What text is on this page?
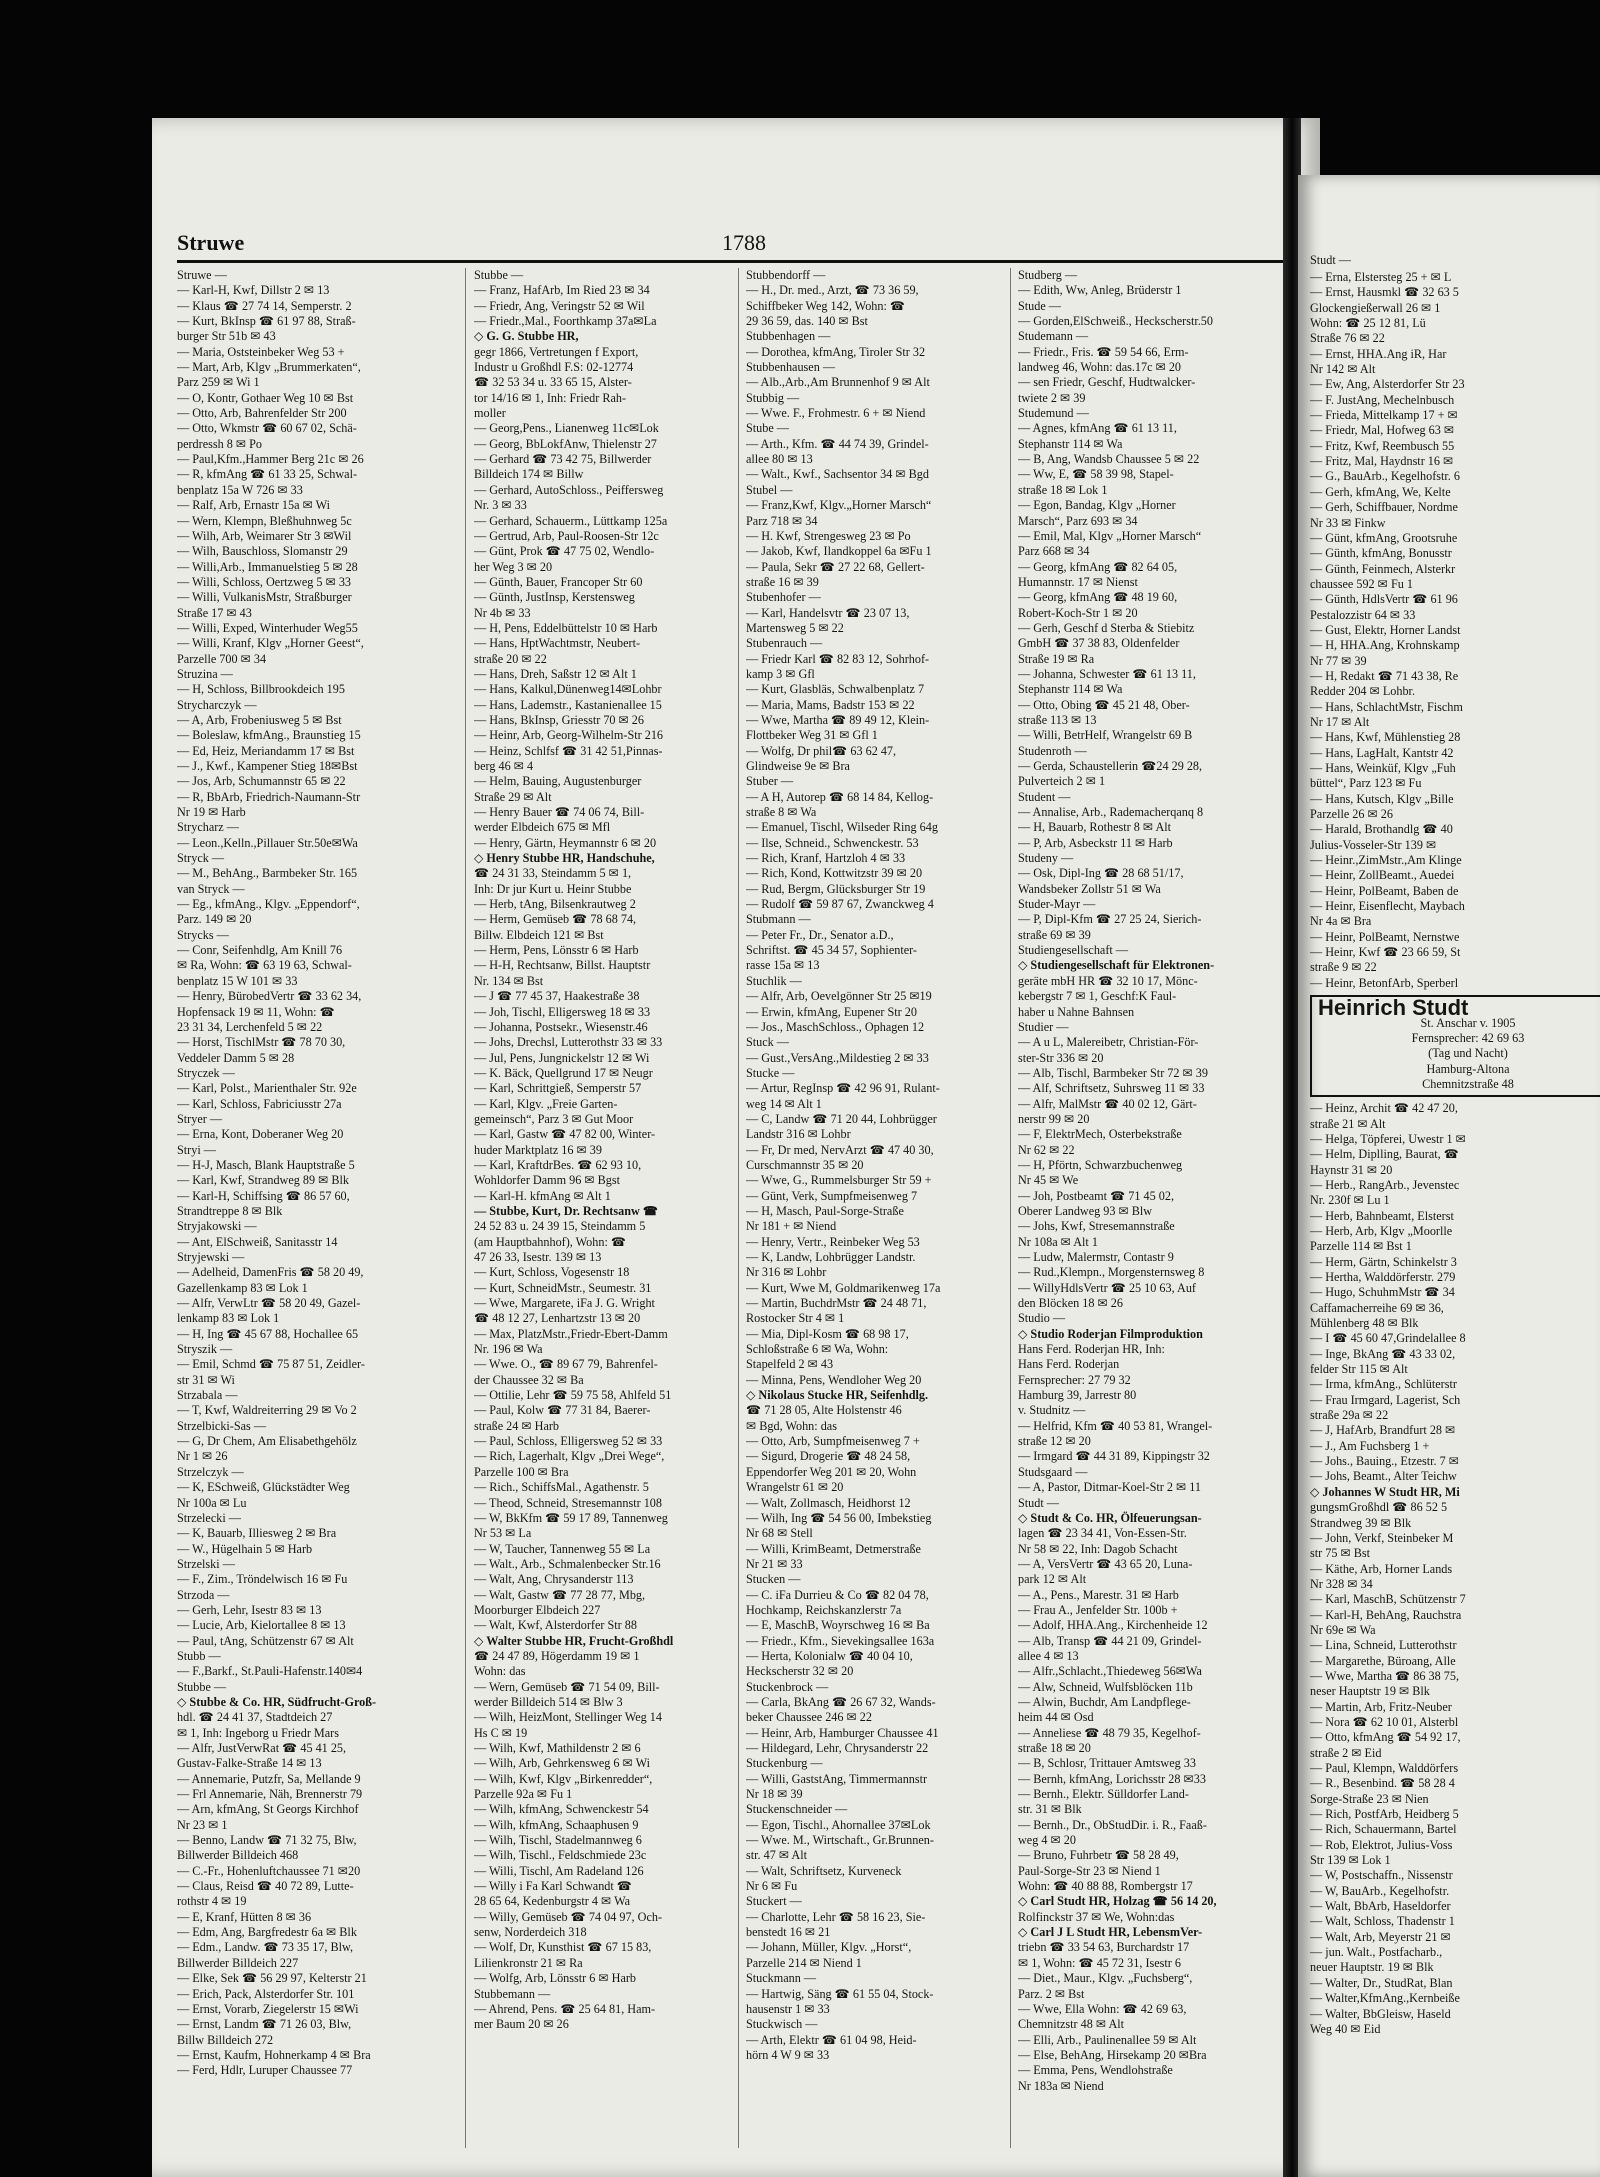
Struwe	1788
Struwe —
— Karl-H, Kwf, Dillstr 2 ✉ 13
— Klaus ☎ 27 74 14, Semperstr. 2
— Kurt, BkInsp ☎ 61 97 88, Straß-
burger Str 51b ✉ 43
— Maria, Oststeinbeker Weg 53 +
— Mart, Arb, Klgv „Brummerkaten“,
Parz 259 ✉ Wi 1
— O, Kontr, Gothaer Weg 10 ✉ Bst
— Otto, Arb, Bahrenfelder Str 200
— Otto, Wkmstr ☎ 60 67 02, Schä-
perdressh 8 ✉ Po
— Paul,Kfm.,Hammer Berg 21c ✉ 26
— R, kfmAng ☎ 61 33 25, Schwal-
benplatz 15a W 726 ✉ 33
— Ralf, Arb, Ernastr 15a ✉ Wi
— Wern, Klempn, Bleßhuhnweg 5c
— Wilh, Arb, Weimarer Str 3 ✉Wil
— Wilh, Bauschloss, Slomanstr 29
— Willi,Arb., Immanuelstieg 5 ✉ 28
— Willi, Schloss, Oertzweg 5 ✉ 33
— Willi, VulkanisMstr, Straßburger
Straße 17 ✉ 43
— Willi, Exped, Winterhuder Weg55
— Willi, Kranf, Klgv „Horner Geest“,
Parzelle 700 ✉ 34
Struzina —
— H, Schloss, Billbrookdeich 195
Strycharczyk —
— A, Arb, Frobeniusweg 5 ✉ Bst
— Boleslaw, kfmAng., Braunstieg 15
— Ed, Heiz, Meriandamm 17 ✉ Bst
— J., Kwf., Kampener Stieg 18✉Bst
— Jos, Arb, Schumannstr 65 ✉ 22
— R, BbArb, Friedrich-Naumann-Str
Nr 19 ✉ Harb
Strycharz —
— Leon.,Kelln.,Pillauer Str.50e✉Wa
Stryck —
— M., BehAng., Barmbeker Str. 165
van Stryck —
— Eg., kfmAng., Klgv. „Eppendorf“,
Parz. 149 ✉ 20
Strycks —
— Conr, Seifenhdlg, Am Knill 76
✉ Ra, Wohn: ☎ 63 19 63, Schwal-
benplatz 15 W 101 ✉ 33
— Henry, BürobedVertr ☎ 33 62 34,
Hopfensack 19 ✉ 11, Wohn: ☎
23 31 34, Lerchenfeld 5 ✉ 22
— Horst, TischlMstr ☎ 78 70 30,
Veddeler Damm 5 ✉ 28
Stryczek —
— Karl, Polst., Marienthaler Str. 92e
— Karl, Schloss, Fabriciusstr 27a
Stryer —
— Erna, Kont, Doberaner Weg 20
Stryi —
— H-J, Masch, Blank Hauptstraße 5
— Karl, Kwf, Strandweg 89 ✉ Blk
— Karl-H, Schiffsing ☎ 86 57 60,
Strandtreppe 8 ✉ Blk
Stryjakowski —
— Ant, ElSchweiß, Sanitasstr 14
Stryjewski —
— Adelheid, DamenFris ☎ 58 20 49,
Gazellenkamp 83 ✉ Lok 1
— Alfr, VerwLtr ☎ 58 20 49, Gazel-
lenkamp 83 ✉ Lok 1
— H, Ing ☎ 45 67 88, Hochallee 65
Stryszik —
— Emil, Schmd ☎ 75 87 51, Zeidler-
str 31 ✉ Wi
Strzabala —
— T, Kwf, Waldreiterring 29 ✉ Vo 2
Strzelbicki-Sas —
— G, Dr Chem, Am Elisabethgehölz
Nr 1 ✉ 26
Strzelczyk —
— K, ESchweiß, Glückstädter Weg
Nr 100a ✉ Lu
Strzelecki —
— K, Bauarb, Illiesweg 2 ✉ Bra
— W., Hügelhain 5 ✉ Harb
Strzelski —
— F., Zim., Tröndelwisch 16 ✉ Fu
Strzoda —
— Gerh, Lehr, Isestr 83 ✉ 13
— Lucie, Arb, Kielortallee 8 ✉ 13
— Paul, tAng, Schützenstr 67 ✉ Alt
Stubb —
— F.,Barkf., St.Pauli-Hafenstr.140✉4
Stubbe —
◇ Stubbe & Co. HR, Südfrucht-Groß-
hdl. ☎ 24 41 37, Stadtdeich 27
✉ 1, Inh: Ingeborg u Friedr Mars
— Alfr, JustVerwRat ☎ 45 41 25,
Gustav-Falke-Straße 14 ✉ 13
— Annemarie, Putzfr, Sa, Mellande 9
— Frl Annemarie, Näh, Brennerstr 79
— Arn, kfmAng, St Georgs Kirchhof
Nr 23 ✉ 1
— Benno, Landw ☎ 71 32 75, Blw,
Billwerder Billdeich 468
— C.-Fr., Hohenluftchaussee 71 ✉20
— Claus, Reisd ☎ 40 72 89, Lutte-
rothstr 4 ✉ 19
— E, Kranf, Hütten 8 ✉ 36
— Edm, Ang, Bargfredestr 6a ✉ Blk
— Edm., Landw. ☎ 73 35 17, Blw,
Billwerder Billdeich 227
— Elke, Sek ☎ 56 29 97, Kelterstr 21
— Erich, Pack, Alsterdorfer Str. 101
— Ernst, Vorarb, Ziegelerstr 15 ✉Wi
— Ernst, Landm ☎ 71 26 03, Blw,
Billw Billdeich 272
— Ernst, Kaufm, Hohnerkamp 4 ✉ Bra
— Ferd, Hdlr, Luruper Chaussee 77
Stubbe —
— Franz, HafArb, Im Ried 23 ✉ 34
— Friedr, Ang, Veringstr 52 ✉ Wil
— Friedr.,Mal., Foorthkamp 37a✉La
◇ G. G. Stubbe HR,
gegr 1866, Vertretungen f Export,
Industr u Großhdl F.S: 02-12774
☎ 32 53 34 u. 33 65 15, Alster-
tor 14/16 ✉ 1, Inh: Friedr Rah-
moller
— Georg,Pens., Lianenweg 11c✉Lok
— Georg, BbLokfAnw, Thielenstr 27
— Gerhard ☎ 73 42 75, Billwerder
Billdeich 174 ✉ Billw
— Gerhard, AutoSchloss., Peiffersweg
Nr. 3 ✉ 33
— Gerhard, Schauerm., Lüttkamp 125a
— Gertrud, Arb, Paul-Roosen-Str 12c
— Günt, Prok ☎ 47 75 02, Wendlo-
her Weg 3 ✉ 20
— Günth, Bauer, Francoper Str 60
— Günth, JustInsp, Kerstensweg
Nr 4b ✉ 33
— H, Pens, Eddelbüttelstr 10 ✉ Harb
— Hans, HptWachtmstr, Neubert-
straße 20 ✉ 22
— Hans, Dreh, Saßstr 12 ✉ Alt 1
— Hans, Kalkul,Dünenweg14✉Lohbr
— Hans, Lademstr., Kastanienallee 15
— Hans, BkInsp, Griesstr 70 ✉ 26
— Heinr, Arb, Georg-Wilhelm-Str 216
— Heinz, Schlfsf ☎ 31 42 51,Pinnas-
berg 46 ✉ 4
— Helm, Bauing, Augustenburger
Straße 29 ✉ Alt
— Henry Bauer ☎ 74 06 74, Bill-
werder Elbdeich 675 ✉ Mfl
— Henry, Gärtn, Heymannstr 6 ✉ 20
◇ Henry Stubbe HR, Handschuhe,
☎ 24 31 33, Steindamm 5 ✉ 1,
Inh: Dr jur Kurt u. Heinr Stubbe
— Herb, tAng, Bilsenkrautweg 2
— Herm, Gemüseb ☎ 78 68 74,
Billw. Elbdeich 121 ✉ Bst
— Herm, Pens, Lönsstr 6 ✉ Harb
— H-H, Rechtsanw, Billst. Hauptstr
Nr. 134 ✉ Bst
— J ☎ 77 45 37, Haakestraße 38
— Joh, Tischl, Elligersweg 18 ✉ 33
— Johanna, Postsekr., Wiesenstr.46
— Johs, Drechsl, Lutterothstr 33 ✉ 33
— Jul, Pens, Jungnickelstr 12 ✉ Wi
— K. Bäck, Quellgrund 17 ✉ Neugr
— Karl, Schrittgieß, Semperstr 57
— Karl, Klgv. „Freie Garten-
gemeinsch“, Parz 3 ✉ Gut Moor
— Karl, Gastw ☎ 47 82 00, Winter-
huder Marktplatz 16 ✉ 39
— Karl, KraftdrBes. ☎ 62 93 10,
Wohldorfer Damm 96 ✉ Bgst
— Karl-H. kfmAng ✉ Alt 1
— Stubbe, Kurt, Dr. Rechtsanw ☎
24 52 83 u. 24 39 15, Steindamm 5
(am Hauptbahnhof), Wohn: ☎
47 26 33, Isestr. 139 ✉ 13
— Kurt, Schloss, Vogesenstr 18
— Kurt, SchneidMstr., Seumestr. 31
— Wwe, Margarete, iFa J. G. Wright
☎ 48 12 27, Lenhartzstr 13 ✉ 20
— Max, PlatzMstr.,Friedr-Ebert-Damm
Nr. 196 ✉ Wa
— Wwe. O., ☎ 89 67 79, Bahrenfel-
der Chaussee 32 ✉ Ba
— Ottilie, Lehr ☎ 59 75 58, Ahlfeld 51
— Paul, Kolw ☎ 77 31 84, Baerer-
straße 24 ✉ Harb
— Paul, Schloss, Elligersweg 52 ✉ 33
— Rich, Lagerhalt, Klgv „Drei Wege“,
Parzelle 100 ✉ Bra
— Rich., SchiffsMal., Agathenstr. 5
— Theod, Schneid, Stresemannstr 108
— W, BkKfm ☎ 59 17 89, Tannenweg
Nr 53 ✉ La
— W, Taucher, Tannenweg 55 ✉ La
— Walt., Arb., Schmalenbecker Str.16
— Walt, Ang, Chrysanderstr 113
— Walt, Gastw ☎ 77 28 77, Mbg,
Moorburger Elbdeich 227
— Walt, Kwf, Alsterdorfer Str 88
◇ Walter Stubbe HR, Frucht-Großhdl
☎ 24 47 89, Högerdamm 19 ✉ 1
Wohn: das
— Wern, Gemüseb ☎ 71 54 09, Bill-
werder Billdeich 514 ✉ Blw 3
— Wilh, HeizMont, Stellinger Weg 14
Hs C ✉ 19
— Wilh, Kwf, Mathildenstr 2 ✉ 6
— Wilh, Arb, Gehrkensweg 6 ✉ Wi
— Wilh, Kwf, Klgv „Birkenredder“,
Parzelle 92a ✉ Fu 1
— Wilh, kfmAng, Schwenckestr 54
— Wilh, kfmAng, Schaaphusen 9
— Wilh, Tischl, Stadelmannweg 6
— Wilh, Tischl., Feldschmiede 23c
— Willi, Tischl, Am Radeland 126
— Willy i Fa Karl Schwandt ☎
28 65 64, Kedenburgstr 4 ✉ Wa
— Willy, Gemüseb ☎ 74 04 97, Och-
senw, Norderdeich 318
— Wolf, Dr, Kunsthist ☎ 67 15 83,
Lilienkronstr 21 ✉ Ra
— Wolfg, Arb, Lönsstr 6 ✉ Harb
Stubbemann —
— Ahrend, Pens. ☎ 25 64 81, Ham-
mer Baum 20 ✉ 26
Stubbendorff —
— H., Dr. med., Arzt, ☎ 73 36 59,
Schiffbeker Weg 142, Wohn: ☎
29 36 59, das. 140 ✉ Bst
Stubbenhagen —
— Dorothea, kfmAng, Tiroler Str 32
Stubbenhausen —
— Alb.,Arb.,Am Brunnenhof 9 ✉ Alt
Stubbig —
— Wwe. F., Frohmestr. 6 + ✉ Niend
Stube —
— Arth., Kfm. ☎ 44 74 39, Grindel-
allee 80 ✉ 13
— Walt., Kwf., Sachsentor 34 ✉ Bgd
Stubel —
— Franz,Kwf, Klgv.„Horner Marsch“
Parz 718 ✉ 34
— H. Kwf, Strengesweg 23 ✉ Po
— Jakob, Kwf, Ilandkoppel 6a ✉Fu 1
— Paula, Sekr ☎ 27 22 68, Gellert-
straße 16 ✉ 39
Stubenhofer —
— Karl, Handelsvtr ☎ 23 07 13,
Martensweg 5 ✉ 22
Stubenrauch —
— Friedr Karl ☎ 82 83 12, Sohrhof-
kamp 3 ✉ Gfl
— Kurt, Glasbläs, Schwalbenplatz 7
— Maria, Mams, Badstr 153 ✉ 22
— Wwe, Martha ☎ 89 49 12, Klein-
Flottbeker Weg 31 ✉ Gfl 1
— Wolfg, Dr phil☎ 63 62 47,
Glindweise 9e ✉ Bra
Stuber —
— A H, Autorep ☎ 68 14 84, Kellog-
straße 8 ✉ Wa
— Emanuel, Tischl, Wilseder Ring 64g
— Ilse, Schneid., Schwenckestr. 53
— Rich, Kranf, Hartzloh 4 ✉ 33
— Rich, Kond, Kottwitzstr 39 ✉ 20
— Rud, Bergm, Glücksburger Str 19
— Rudolf ☎ 59 87 67, Zwanckweg 4
Stubmann —
— Peter Fr., Dr., Senator a.D.,
Schriftst. ☎ 45 34 57, Sophienter-
rasse 15a ✉ 13
Stuchlik —
— Alfr, Arb, Oevelgönner Str 25 ✉19
— Erwin, kfmAng, Eupener Str 20
— Jos., MaschSchloss., Ophagen 12
Stuck —
— Gust.,VersAng.,Mildestieg 2 ✉ 33
Stucke —
— Artur, RegInsp ☎ 42 96 91, Rulant-
weg 14 ✉ Alt 1
— C, Landw ☎ 71 20 44, Lohbrügger
Landstr 316 ✉ Lohbr
— Fr, Dr med, NervArzt ☎ 47 40 30,
Curschmannstr 35 ✉ 20
— Wwe, G., Rummelsburger Str 59 +
— Günt, Verk, Sumpfmeisenweg 7
— H, Masch, Paul-Sorge-Straße
Nr 181 + ✉ Niend
— Henry, Vertr., Reinbeker Weg 53
— K, Landw, Lohbrügger Landstr.
Nr 316 ✉ Lohbr
— Kurt, Wwe M, Goldmarikenweg 17a
— Martin, BuchdrMstr ☎ 24 48 71,
Rostocker Str 4 ✉ 1
— Mia, Dipl-Kosm ☎ 68 98 17,
Schloßstraße 6 ✉ Wa, Wohn:
Stapelfeld 2 ✉ 43
— Minna, Pens, Wendloher Weg 20
◇ Nikolaus Stucke HR, Seifenhdlg.
☎ 71 28 05, Alte Holstenstr 46
✉ Bgd, Wohn: das
— Otto, Arb, Sumpfmeisenweg 7 +
— Sigurd, Drogerie ☎ 48 24 58,
Eppendorfer Weg 201 ✉ 20, Wohn
Wrangelstr 61 ✉ 20
— Walt, Zollmasch, Heidhorst 12
— Wilh, Ing ☎ 54 56 00, Imbekstieg
Nr 68 ✉ Stell
— Willi, KrimBeamt, Detmerstraße
Nr 21 ✉ 33
Stucken —
— C. iFa Durrieu & Co ☎ 82 04 78,
Hochkamp, Reichskanzlerstr 7a
— E, MaschB, Woyrschweg 16 ✉ Ba
— Friedr., Kfm., Sievekingsallee 163a
— Herta, Kolonialw ☎ 40 04 10,
Heckscherstr 32 ✉ 20
Stuckenbrock —
— Carla, BkAng ☎ 26 67 32, Wands-
beker Chaussee 246 ✉ 22
— Heinr, Arb, Hamburger Chaussee 41
— Hildegard, Lehr, Chrysanderstr 22
Stuckenburg —
— Willi, GaststAng, Timmermannstr
Nr 18 ✉ 39
Stuckenschneider —
— Egon, Tischl., Ahornallee 37✉Lok
— Wwe. M., Wirtschaft., Gr.Brunnen-
str. 47 ✉ Alt
— Walt, Schriftsetz, Kurveneck
Nr 6 ✉ Fu
Stuckert —
— Charlotte, Lehr ☎ 58 16 23, Sie-
benstedt 16 ✉ 21
— Johann, Müller, Klgv. „Horst“,
Parzelle 214 ✉ Niend 1
Stuckmann —
— Hartwig, Säng ☎ 61 55 04, Stock-
hausenstr 1 ✉ 33
Stuckwisch —
— Arth, Elektr ☎ 61 04 98, Heid-
hörn 4 W 9 ✉ 33
Studberg —
— Edith, Ww, Anleg, Brüderstr 1
Stude —
— Gorden,ElSchweiß., Heckscherstr.50
Studemann —
— Friedr., Fris. ☎ 59 54 66, Erm-
landweg 46, Wohn: das.17c ✉ 20
— sen Friedr, Geschf, Hudtwalcker-
twiete 2 ✉ 39
Studemund —
— Agnes, kfmAng ☎ 61 13 11,
Stephanstr 114 ✉ Wa
— B, Ang, Wandsb Chaussee 5 ✉ 22
— Ww, E, ☎ 58 39 98, Stapel-
straße 18 ✉ Lok 1
— Egon, Bandag, Klgv „Horner
Marsch“, Parz 693 ✉ 34
— Emil, Mal, Klgv „Horner Marsch“
Parz 668 ✉ 34
— Georg, kfmAng ☎ 82 64 05,
Humannstr. 17 ✉ Nienst
— Georg, kfmAng ☎ 48 19 60,
Robert-Koch-Str 1 ✉ 20
— Gerh, Geschf d Sterba & Stiebitz
GmbH ☎ 37 38 83, Oldenfelder
Straße 19 ✉ Ra
— Johanna, Schwester ☎ 61 13 11,
Stephanstr 114 ✉ Wa
— Otto, Obing ☎ 45 21 48, Ober-
straße 113 ✉ 13
— Willi, BetrHelf, Wrangelstr 69 B
Studenroth —
— Gerda, Schaustellerin ☎24 29 28,
Pulverteich 2 ✉ 1
Student —
— Annalise, Arb., Rademacherqanq 8
— H, Bauarb, Rothestr 8 ✉ Alt
— P, Arb, Asbeckstr 11 ✉ Harb
Studeny —
— Osk, Dipl-Ing ☎ 28 68 51/17,
Wandsbeker Zollstr 51 ✉ Wa
Studer-Mayr —
— P, Dipl-Kfm ☎ 27 25 24, Sierich-
straße 69 ✉ 39
Studiengesellschaft —
◇ Studiengesellschaft für Elektronen-
geräte mbH HR ☎ 32 10 17, Mönc-
kebergstr 7 ✉ 1, Geschf:K Faul-
haber u Nahne Bahnsen
Studier —
— A u L, Malereibetr, Christian-För-
ster-Str 336 ✉ 20
— Alb, Tischl, Barmbeker Str 72 ✉ 39
— Alf, Schriftsetz, Suhrsweg 11 ✉ 33
— Alfr, MalMstr ☎ 40 02 12, Gärt-
nerstr 99 ✉ 20
— F, ElektrMech, Osterbekstraße
Nr 62 ✉ 22
— H, Pförtn, Schwarzbuchenweg
Nr 45 ✉ We
— Joh, Postbeamt ☎ 71 45 02,
Oberer Landweg 93 ✉ Blw
— Johs, Kwf, Stresemannstraße
Nr 108a ✉ Alt 1
— Ludw, Malermstr, Contastr 9
— Rud.,Klempn., Morgensternsweg 8
— WillyHdlsVertr ☎ 25 10 63, Auf
den Blöcken 18 ✉ 26
Studio —
◇ Studio Roderjan Filmproduktion
Hans Ferd. Roderjan HR, Inh:
Hans Ferd. Roderjan
Fernsprecher: 27 79 32
Hamburg 39, Jarrestr 80
v. Studnitz —
— Helfrid, Kfm ☎ 40 53 81, Wrangel-
straße 12 ✉ 20
— Irmgard ☎ 44 31 89, Kippingstr 32
Studsgaard —
— A, Pastor, Ditmar-Koel-Str 2 ✉ 11
Studt —
◇ Studt & Co. HR, Ölfeuerungsan-
lagen ☎ 23 34 41, Von-Essen-Str.
Nr 58 ✉ 22, Inh: Dagob Schacht
— A, VersVertr ☎ 43 65 20, Luna-
park 12 ✉ Alt
— A., Pens., Marestr. 31 ✉ Harb
— Frau A., Jenfelder Str. 100b +
— Adolf, HHA.Ang., Kirchenheide 12
— Alb, Transp ☎ 44 21 09, Grindel-
allee 4 ✉ 13
— Alfr.,Schlacht.,Thiedeweg 56✉Wa
— Alw, Schneid, Wulfsblöcken 11b
— Alwin, Buchdr, Am Landpflege-
heim 44 ✉ Osd
— Anneliese ☎ 48 79 35, Kegelhof-
straße 18 ✉ 20
— B, Schlosr, Trittauer Amtsweg 33
— Bernh, kfmAng, Lorichsstr 28 ✉33
— Bernh., Elektr. Sülldorfer Land-
str. 31 ✉ Blk
— Bernh., Dr., ObStudDir. i. R., Faaß-
weg 4 ✉ 20
— Bruno, Fuhrbetr ☎ 58 28 49,
Paul-Sorge-Str 23 ✉ Niend 1
Wohn: ☎ 40 88 88, Rombergstr 17
◇ Carl Studt HR, Holzag ☎ 56 14 20,
Rolfinckstr 37 ✉ We, Wohn:das
◇ Carl J L Studt HR, LebensmVer-
triebn ☎ 33 54 63, Burchardstr 17
✉ 1, Wohn: ☎ 45 72 31, Isestr 6
— Diet., Maur., Klgv. „Fuchsberg“,
Parz. 2 ✉ Bst
— Wwe, Ella Wohn: ☎ 42 69 63,
Chemnitzstr 48 ✉ Alt
— Elli, Arb., Paulinenallee 59 ✉ Alt
— Else, BehAng, Hirsekamp 20 ✉Bra
— Emma, Pens, Wendlohstraße
Nr 183a ✉ Niend
Studt —
— Erna, Elstersteg 25 + ✉ L
— Ernst, Hausmkl ☎ 32 63 5
Glockengießerwall 26 ✉ 1
Wohn: ☎ 25 12 81, Lü
Straße 76 ✉ 22
— Ernst, HHA.Ang iR, Har
Nr 142 ✉ Alt
— Ew, Ang, Alsterdorfer Str 23
— F. JustAng, Mechelnbusch
— Frieda, Mittelkamp 17 + ✉
— Friedr, Mal, Hofweg 63 ✉
— Fritz, Kwf, Reembusch 55
— Fritz, Mal, Haydnstr 16 ✉
— G., BauArb., Kegelhofstr. 6
— Gerh, kfmAng, We, Kelte
— Gerh, Schiffbauer, Nordme
Nr 33 ✉ Finkw
— Günt, kfmAng, Grootsruhe
— Günth, kfmAng, Bonusstr
— Günth, Feinmech, Alsterkr
chaussee 592 ✉ Fu 1
— Günth, HdlsVertr ☎ 61 96
Pestalozzistr 64 ✉ 33
— Gust, Elektr, Horner Landst
— H, HHA.Ang, Krohnskamp
Nr 77 ✉ 39
— H, Redakt ☎ 71 43 38, Re
Redder 204 ✉ Lohbr.
— Hans, SchlachtMstr, Fischm
Nr 17 ✉ Alt
— Hans, Kwf, Mühlenstieg 28
— Hans, LagHalt, Kantstr 42
— Hans, Weinküf, Klgv „Fuh
büttel“, Parz 123 ✉ Fu
— Hans, Kutsch, Klgv „Bille
Parzelle 26 ✉ 26
— Harald, Brothandlg ☎ 40
Julius-Vosseler-Str 139 ✉
— Heinr.,ZimMstr.,Am Klinge
— Heinr, ZollBeamt., Auedei
— Heinr, PolBeamt, Baben de
— Heinr, Eisenflecht, Maybach
Nr 4a ✉ Bra
— Heinr, PolBeamt, Nernstwe
— Heinr, Kwf ☎ 23 66 59, St
straße 9 ✉ 22
— Heinr, BetonfArb, Sperberl
Heinrich Studt
St. Anschar v. 1905
Fernsprecher: 42 69 63
(Tag und Nacht)
Hamburg-Altona
Chemnitzstraße 48
— Heinz, Archit ☎ 42 47 20,
straße 21 ✉ Alt
— Helga, Töpferei, Uwestr 1 ✉
— Helm, Diplling, Baurat, ☎
Haynstr 31 ✉ 20
— Herb., RangArb., Jevenstec
Nr. 230f ✉ Lu 1
— Herb, Bahnbeamt, Elsterst
— Herb, Arb, Klgv „Moorlle
Parzelle 114 ✉ Bst 1
— Herm, Gärtn, Schinkelstr 3
— Hertha, Walddörferstr. 279
— Hugo, SchuhmMstr ☎ 34
Caffamacherreihe 69 ✉ 36,
Mühlenberg 48 ✉ Blk
— I ☎ 45 60 47,Grindelallee 8
— Inge, BkAng ☎ 43 33 02,
felder Str 115 ✉ Alt
— Irma, kfmAng., Schlüterstr
— Frau Irmgard, Lagerist, Sch
straße 29a ✉ 22
— J, HafArb, Brandfurt 28 ✉
— J., Am Fuchsberg 1 +
— Johs., Bauing., Etzestr. 7 ✉
— Johs, Beamt., Alter Teichw
◇ Johannes W Studt HR, Mi
gungsmGroßhdl ☎ 86 52 5
Strandweg 39 ✉ Blk
— John, Verkf, Steinbeker M
str 75 ✉ Bst
— Käthe, Arb, Horner Lands
Nr 328 ✉ 34
— Karl, MaschB, Schützenstr 7
— Karl-H, BehAng, Rauchstra
Nr 69e ✉ Wa
— Lina, Schneid, Lutterothstr
— Margarethe, Büroang, Alle
— Wwe, Martha ☎ 86 38 75,
neser Hauptstr 19 ✉ Blk
— Martin, Arb, Fritz-Neuber
— Nora ☎ 62 10 01, Alsterbl
— Otto, kfmAng ☎ 54 92 17,
straße 2 ✉ Eid
— Paul, Klempn, Walddörfers
— R., Besenbind. ☎ 58 28 4
Sorge-Straße 23 ✉ Nien
— Rich, PostfArb, Heidberg 5
— Rich, Schauermann, Bartel
— Rob, Elektrot, Julius-Voss
Str 139 ✉ Lok 1
— W, Postschaffn., Nissenstr
— W, BauArb., Kegelhofstr.
— Walt, BbArb, Haseldorfer
— Walt, Schloss, Thadenstr 1
— Walt, Arb, Meyerstr 21 ✉
— jun. Walt., Postfacharb.,
neuer Hauptstr. 19 ✉ Blk
— Walter, Dr., StudRat, Blan
— Walter,KfmAng.,Kernbeiße
— Walter, BbGleisw, Haseld
Weg 40 ✉ Eid
